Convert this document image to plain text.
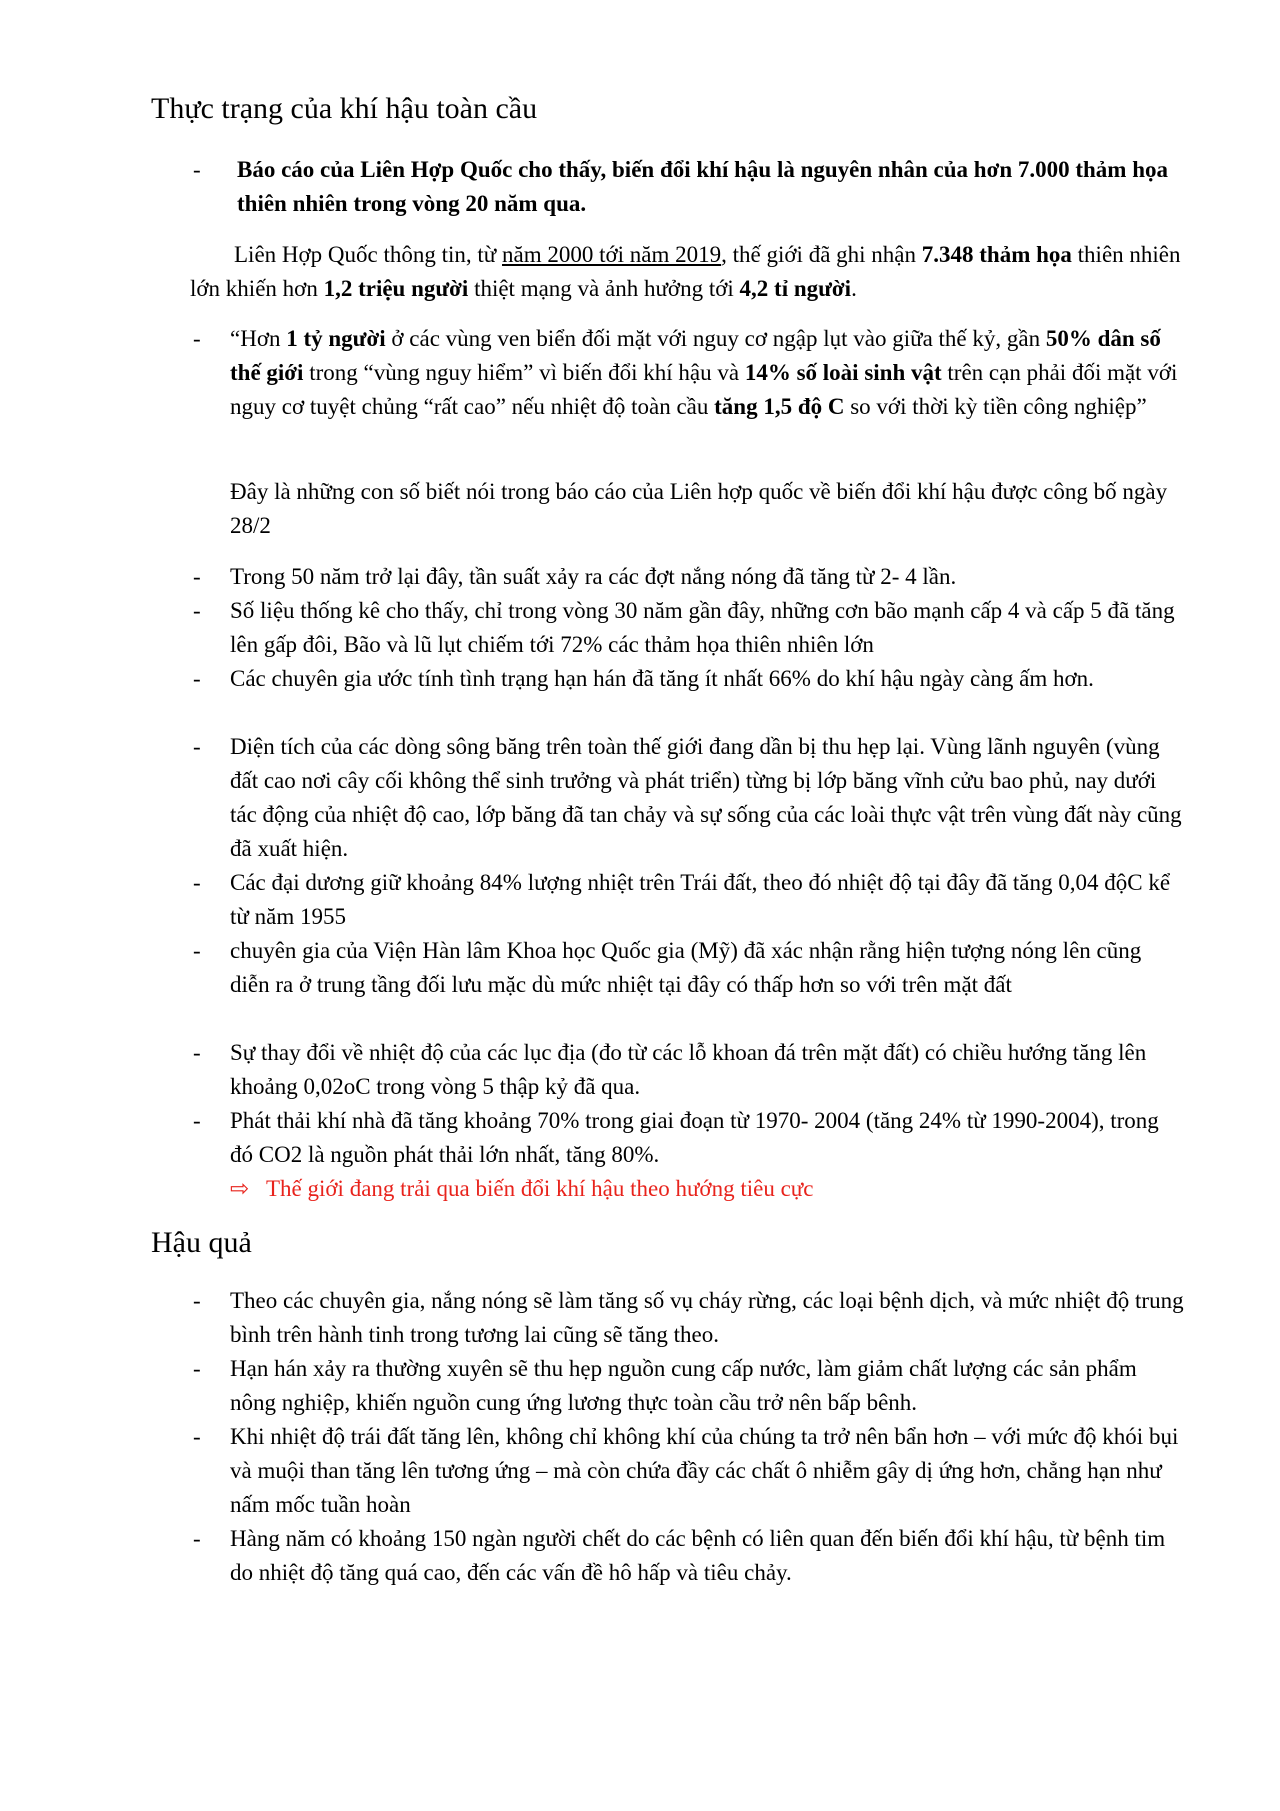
Thực trạng của khí hậu toàn cầu
-	Báo cáo của Liên Hợp Quốc cho thấy, biến đổi khí hậu là nguyên nhân của hơn 7.000 thảm họa thiên nhiên trong vòng 20 năm qua.
Liên Hợp Quốc thông tin, từ năm 2000 tới năm 2019, thế giới đã ghi nhận 7.348 thảm họa thiên nhiên lớn khiến hơn 1,2 triệu người thiệt mạng và ảnh hưởng tới 4,2 tỉ người.
- “Hơn 1 tỷ người ở các vùng ven biển đối mặt với nguy cơ ngập lụt vào giữa thế kỷ, gần 50% dân số thế giới trong “vùng nguy hiểm” vì biến đổi khí hậu và 14% số loài sinh vật trên cạn phải đối mặt với nguy cơ tuyệt chủng “rất cao” nếu nhiệt độ toàn cầu tăng 1,5 độ C so với thời kỳ tiền công nghiệp”
Đây là những con số biết nói trong báo cáo của Liên hợp quốc về biến đổi khí hậu được công bố ngày 28/2
- Trong 50 năm trở lại đây, tần suất xảy ra các đợt nắng nóng đã tăng từ 2- 4 lần.
- Số liệu thống kê cho thấy, chỉ trong vòng 30 năm gần đây, những cơn bão mạnh cấp 4 và cấp 5 đã tăng lên gấp đôi, Bão và lũ lụt chiếm tới 72% các thảm họa thiên nhiên lớn
- Các chuyên gia ước tính tình trạng hạn hán đã tăng ít nhất 66% do khí hậu ngày càng ấm hơn.
- Diện tích của các dòng sông băng trên toàn thế giới đang dần bị thu hẹp lại. Vùng lãnh nguyên (vùng đất cao nơi cây cối không thể sinh trưởng và phát triển) từng bị lớp băng vĩnh cửu bao phủ, nay dưới tác động của nhiệt độ cao, lớp băng đã tan chảy và sự sống của các loài thực vật trên vùng đất này cũng đã xuất hiện.
- Các đại dương giữ khoảng 84% lượng nhiệt trên Trái đất, theo đó nhiệt độ tại đây đã tăng 0,04 độC kể từ năm 1955
- chuyên gia của Viện Hàn lâm Khoa học Quốc gia (Mỹ) đã xác nhận rằng hiện tượng nóng lên cũng diễn ra ở trung tầng đối lưu mặc dù mức nhiệt tại đây có thấp hơn so với trên mặt đất
- Sự thay đổi về nhiệt độ của các lục địa (đo từ các lỗ khoan đá trên mặt đất) có chiều hướng tăng lên khoảng 0,02oC trong vòng 5 thập kỷ đã qua.
- Phát thải khí nhà đã tăng khoảng 70% trong giai đoạn từ 1970- 2004 (tăng 24% từ 1990-2004), trong đó CO2 là nguồn phát thải lớn nhất, tăng 80%.
⇨ Thế giới đang trải qua biến đổi khí hậu theo hướng tiêu cực
Hậu quả
- Theo các chuyên gia, nắng nóng sẽ làm tăng số vụ cháy rừng, các loại bệnh dịch, và mức nhiệt độ trung bình trên hành tinh trong tương lai cũng sẽ tăng theo.
- Hạn hán xảy ra thường xuyên sẽ thu hẹp nguồn cung cấp nước, làm giảm chất lượng các sản phẩm nông nghiệp, khiến nguồn cung ứng lương thực toàn cầu trở nên bấp bênh.
- Khi nhiệt độ trái đất tăng lên, không chỉ không khí của chúng ta trở nên bẩn hơn – với mức độ khói bụi và muội than tăng lên tương ứng – mà còn chứa đầy các chất ô nhiễm gây dị ứng hơn, chẳng hạn như nấm mốc tuần hoàn
- Hàng năm có khoảng 150 ngàn người chết do các bệnh có liên quan đến biến đổi khí hậu, từ bệnh tim do nhiệt độ tăng quá cao, đến các vấn đề hô hấp và tiêu chảy.
